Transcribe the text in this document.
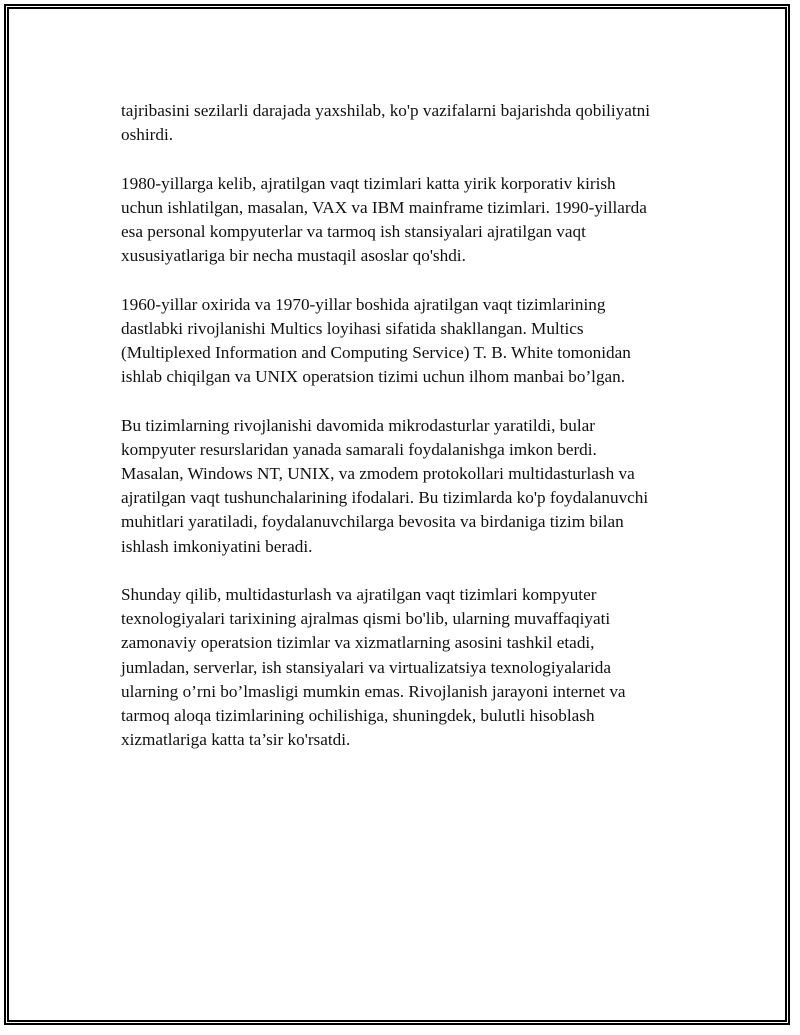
tajribasini sezilarli darajada yaxshilab, ko'p vazifalarni bajarishda qobiliyatni
oshirdi.

1980-yillarga kelib, ajratilgan vaqt tizimlari katta yirik korporativ kirish
uchun ishlatilgan, masalan, VAX va IBM mainframe tizimlari. 1990-yillarda
esa personal kompyuterlar va tarmoq ish stansiyalari ajratilgan vaqt
xususiyatlariga bir necha mustaqil asoslar qo'shdi.

1960-yillar oxirida va 1970-yillar boshida ajratilgan vaqt tizimlarining
dastlabki rivojlanishi Multics loyihasi sifatida shakllangan. Multics
(Multiplexed Information and Computing Service) T. B. White tomonidan
ishlab chiqilgan va UNIX operatsion tizimi uchun ilhom manbai bo’lgan.

Bu tizimlarning rivojlanishi davomida mikrodasturlar yaratildi, bular
kompyuter resurslaridan yanada samarali foydalanishga imkon berdi.
Masalan, Windows NT, UNIX, va zmodem protokollari multidasturlash va
ajratilgan vaqt tushunchalarining ifodalari. Bu tizimlarda ko'p foydalanuvchi
muhitlari yaratiladi, foydalanuvchilarga bevosita va birdaniga tizim bilan
ishlash imkoniyatini beradi.

Shunday qilib, multidasturlash va ajratilgan vaqt tizimlari kompyuter
texnologiyalari tarixining ajralmas qismi bo'lib, ularning muvaffaqiyati
zamonaviy operatsion tizimlar va xizmatlarning asosini tashkil etadi,
jumladan, serverlar, ish stansiyalari va virtualizatsiya texnologiyalarida
ularning o’rni bo’lmasligi mumkin emas. Rivojlanish jarayoni internet va
tarmoq aloqa tizimlarining ochilishiga, shuningdek, bulutli hisoblash
xizmatlariga katta ta’sir ko'rsatdi.
